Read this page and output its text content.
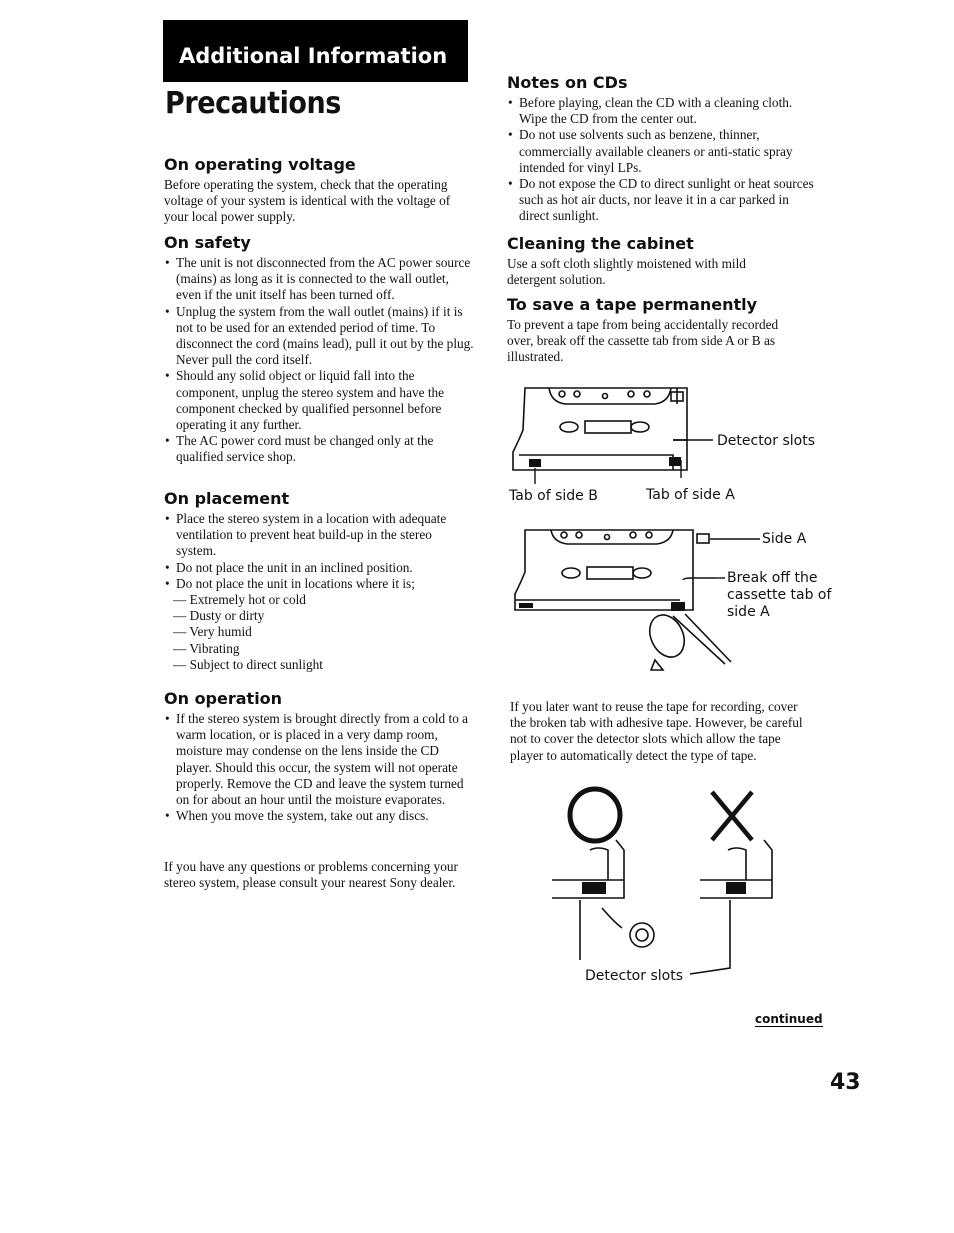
Additional Information
Precautions
On operating voltage

Before operating the system, check that the operating voltage of your system is identical with the voltage of your local power supply.

On safety
• The unit is not disconnected from the AC power source (mains) as long as it is connected to the wall outlet, even if the unit itself has been turned off.
• Unplug the system from the wall outlet (mains) if it is not to be used for an extended period of time. To disconnect the cord (mains lead), pull it out by the plug. Never pull the cord itself.
• Should any solid object or liquid fall into the component, unplug the stereo system and have the component checked by qualified personnel before operating it any further.
• The AC power cord must be changed only at the qualified service shop.
On placement
• Place the stereo system in a location with adequate ventilation to prevent heat build-up in the stereo system.
• Do not place the unit in an inclined position.
• Do not place the unit in locations where it is;
— Extremely hot or cold
— Dusty or dirty
— Very humid
— Vibrating
— Subject to direct sunlight
On operation
• If the stereo system is brought directly from a cold to a warm location, or is placed in a very damp room, moisture may condense on the lens inside the CD player. Should this occur, the system will not operate properly. Remove the CD and leave the system turned on for about an hour until the moisture evaporates.
• When you move the system, take out any discs.

If you have any questions or problems concerning your stereo system, please consult your nearest Sony dealer.

Notes on CDs
• Before playing, clean the CD with a cleaning cloth. Wipe the CD from the center out.
• Do not use solvents such as benzene, thinner, commercially available cleaners or anti-static spray intended for vinyl LPs.
• Do not expose the CD to direct sunlight or heat sources such as hot air ducts, nor leave it in a car parked in direct sunlight.
Cleaning the cabinet

Use a soft cloth slightly moistened with mild detergent solution.

To save a tape permanently

To prevent a tape from being accidentally recorded over, break off the cassette tab from side A or B as illustrated.

Detector slots
Tab of side B	Tab of side A
Side A
Break off the
cassette tab of
side A

If you later want to reuse the tape for recording, cover the broken tab with adhesive tape. However, be careful not to cover the detector slots which allow the tape player to automatically detect the type of tape.

Detector slots
continued
43
